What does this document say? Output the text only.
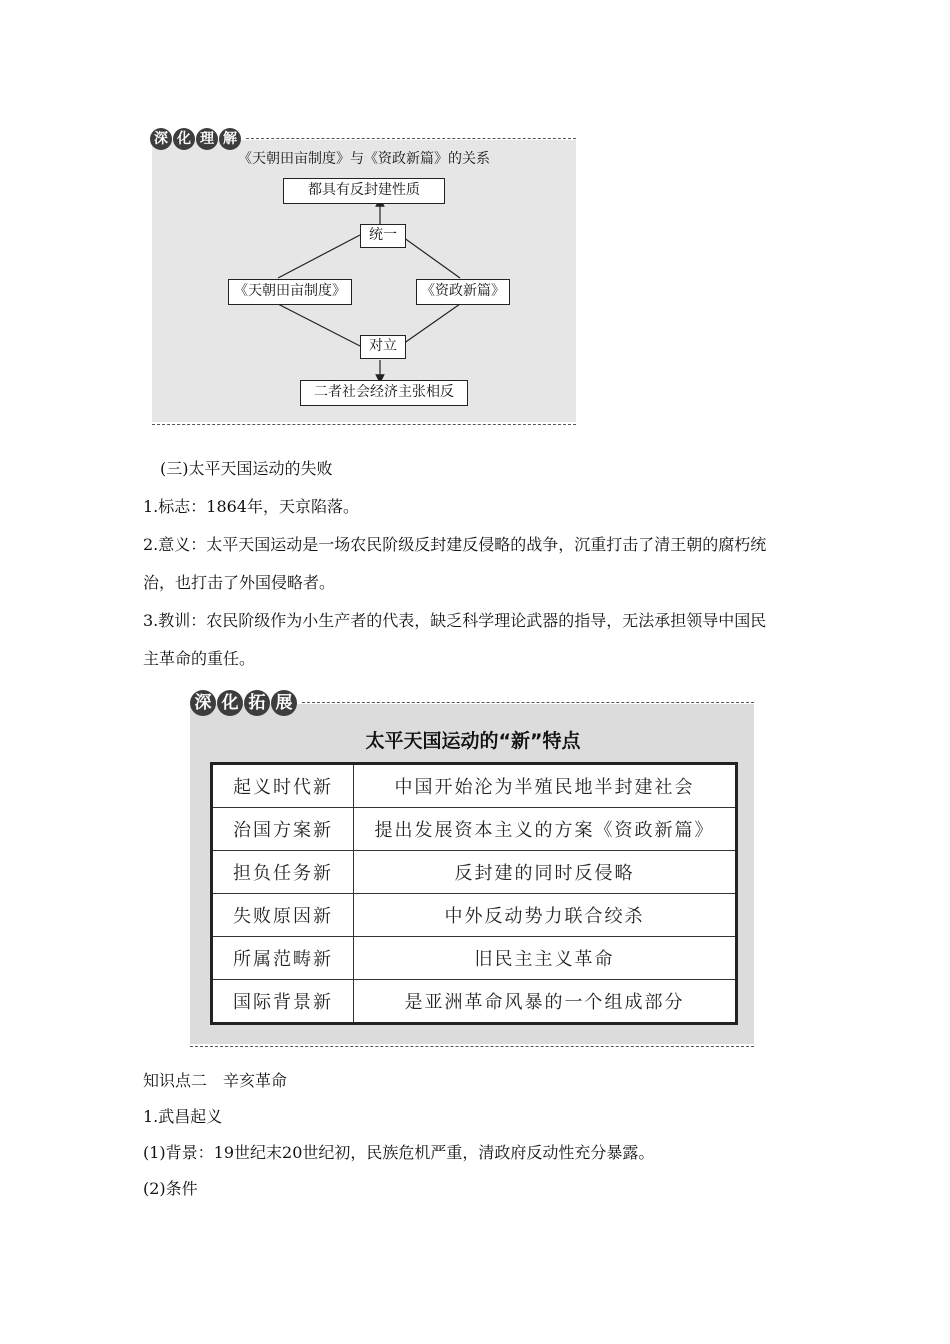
深 化 理 解
《天朝田亩制度》与《资政新篇》的关系
都具有反封建性质
统一
《天朝田亩制度》	《资政新篇》
对立
二者社会经济主张相反
(三)太平天国运动的失败
1.标志：1864年，天京陷落。
2.意义：太平天国运动是一场农民阶级反封建反侵略的战争，沉重打击了清王朝的腐朽统
治，也打击了外国侵略者。
3.教训：农民阶级作为小生产者的代表，缺乏科学理论武器的指导，无法承担领导中国民
主革命的重任。
深 化 拓 展
太平天国运动的“新”特点
起义时代新	中国开始沦为半殖民地半封建社会
治国方案新	提出发展资本主义的方案《资政新篇》
担负任务新	反封建的同时反侵略
失败原因新	中外反动势力联合绞杀
所属范畴新	旧民主主义革命
国际背景新	是亚洲革命风暴的一个组成部分
知识点二　辛亥革命
1.武昌起义
(1)背景：19世纪末20世纪初，民族危机严重，清政府反动性充分暴露。
(2)条件
